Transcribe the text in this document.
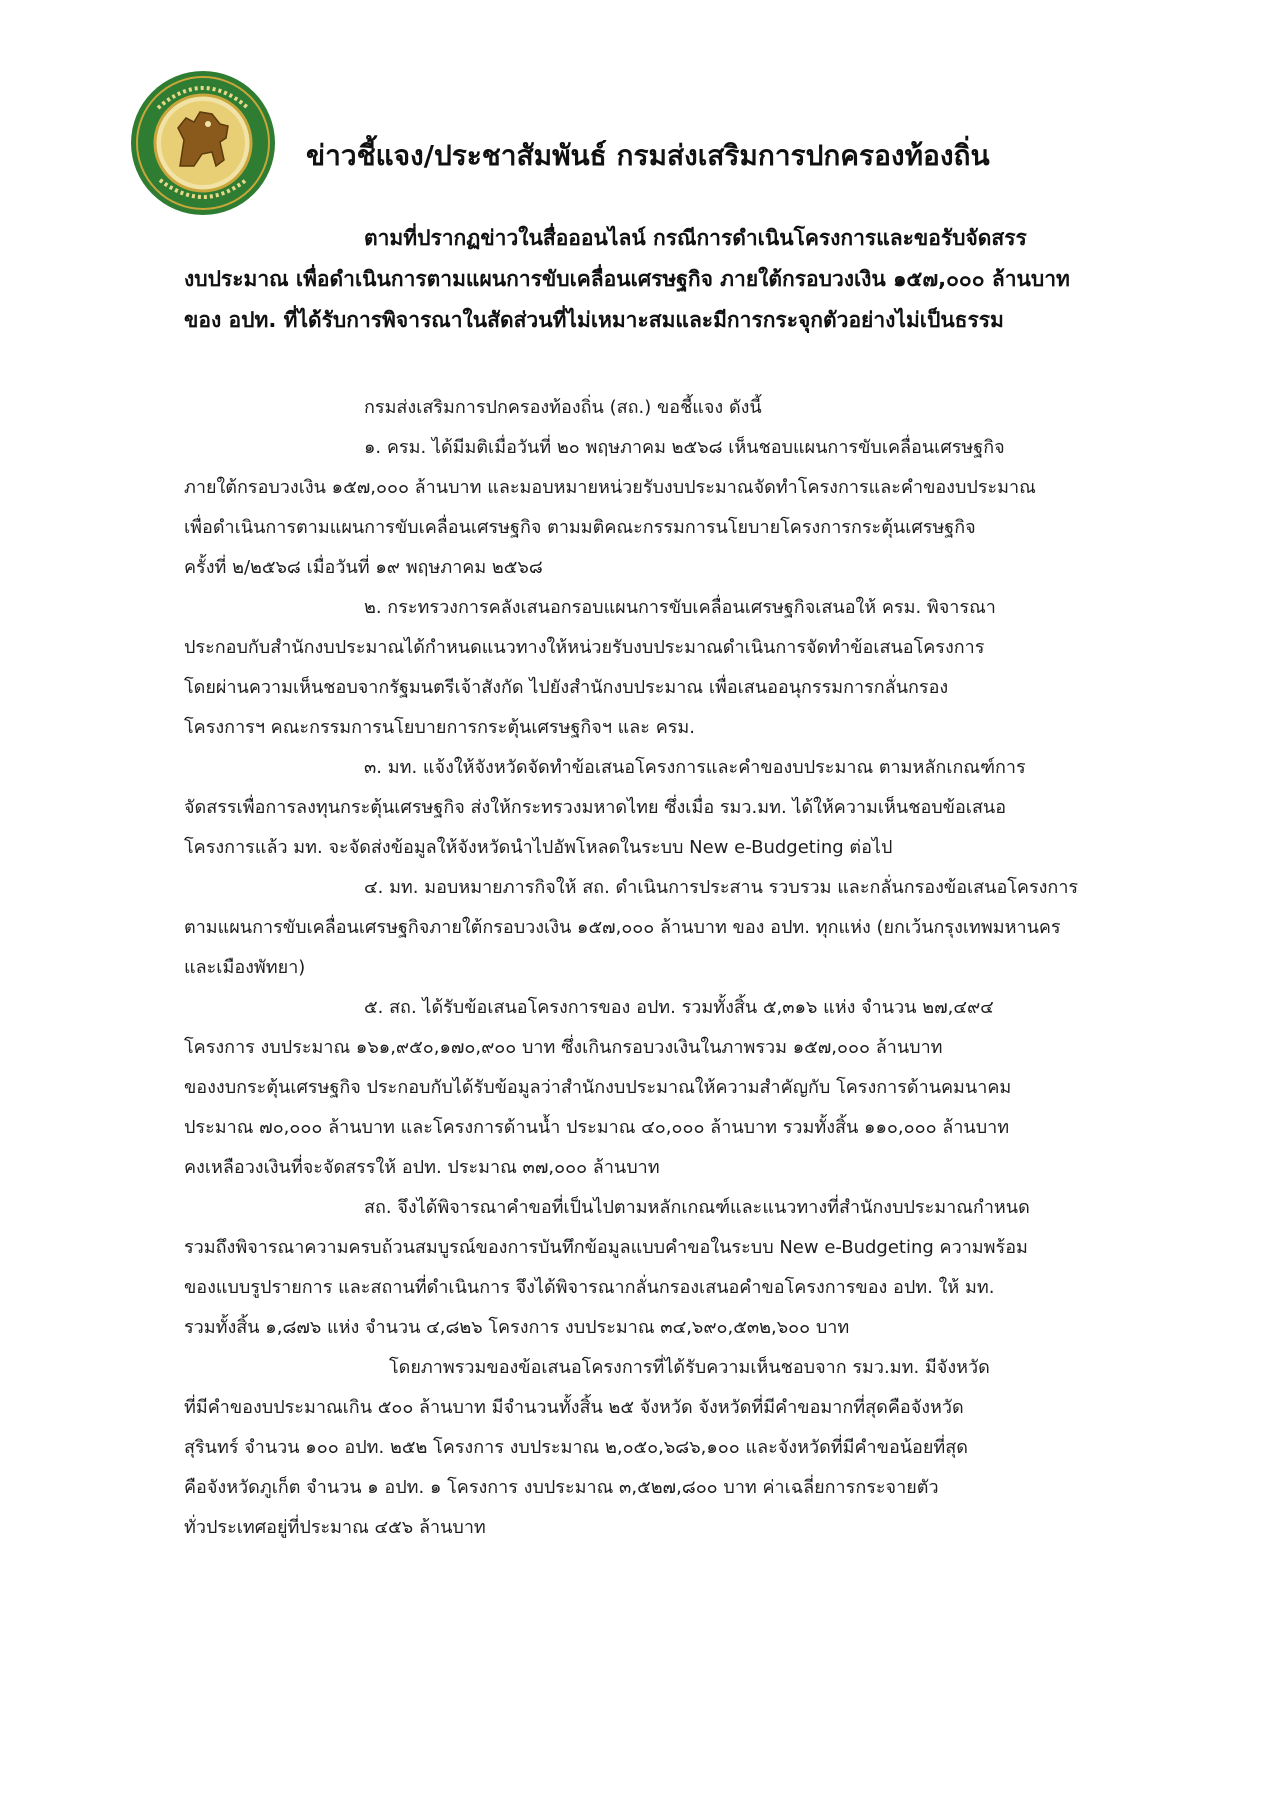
ข่าวชี้แจง/ประชาสัมพันธ์ กรมส่งเสริมการปกครองท้องถิ่น
ตามที่ปรากฏข่าวในสื่อออนไลน์ กรณีการดำเนินโครงการและขอรับจัดสรร
งบประมาณ เพื่อดำเนินการตามแผนการขับเคลื่อนเศรษฐกิจ ภายใต้กรอบวงเงิน ๑๕๗,๐๐๐ ล้านบาท
ของ อปท. ที่ได้รับการพิจารณาในสัดส่วนที่ไม่เหมาะสมและมีการกระจุกตัวอย่างไม่เป็นธรรม
กรมส่งเสริมการปกครองท้องถิ่น (สถ.) ขอชี้แจง ดังนี้
๑. ครม. ได้มีมติเมื่อวันที่ ๒๐ พฤษภาคม ๒๕๖๘ เห็นชอบแผนการขับเคลื่อนเศรษฐกิจ
ภายใต้กรอบวงเงิน ๑๕๗,๐๐๐ ล้านบาท และมอบหมายหน่วยรับงบประมาณจัดทำโครงการและคำของบประมาณ
เพื่อดำเนินการตามแผนการขับเคลื่อนเศรษฐกิจ ตามมติคณะกรรมการนโยบายโครงการกระตุ้นเศรษฐกิจ
ครั้งที่ ๒/๒๕๖๘ เมื่อวันที่ ๑๙ พฤษภาคม ๒๕๖๘
๒. กระทรวงการคลังเสนอกรอบแผนการขับเคลื่อนเศรษฐกิจเสนอให้ ครม. พิจารณา
ประกอบกับสำนักงบประมาณได้กำหนดแนวทางให้หน่วยรับงบประมาณดำเนินการจัดทำข้อเสนอโครงการ
โดยผ่านความเห็นชอบจากรัฐมนตรีเจ้าสังกัด ไปยังสำนักงบประมาณ เพื่อเสนออนุกรรมการกลั่นกรอง
โครงการฯ คณะกรรมการนโยบายการกระตุ้นเศรษฐกิจฯ และ ครม.
๓. มท. แจ้งให้จังหวัดจัดทำข้อเสนอโครงการและคำของบประมาณ ตามหลักเกณฑ์การ
จัดสรรเพื่อการลงทุนกระตุ้นเศรษฐกิจ ส่งให้กระทรวงมหาดไทย ซึ่งเมื่อ รมว.มท. ได้ให้ความเห็นชอบข้อเสนอ
โครงการแล้ว มท. จะจัดส่งข้อมูลให้จังหวัดนำไปอัพโหลดในระบบ New e-Budgeting ต่อไป
๔. มท. มอบหมายภารกิจให้ สถ. ดำเนินการประสาน รวบรวม และกลั่นกรองข้อเสนอโครงการ
ตามแผนการขับเคลื่อนเศรษฐกิจภายใต้กรอบวงเงิน ๑๕๗,๐๐๐ ล้านบาท ของ อปท. ทุกแห่ง (ยกเว้นกรุงเทพมหานคร
และเมืองพัทยา)
๕. สถ. ได้รับข้อเสนอโครงการของ อปท. รวมทั้งสิ้น ๕,๓๑๖ แห่ง จำนวน ๒๗,๔๙๔
โครงการ งบประมาณ ๑๖๑,๙๕๐,๑๗๐,๙๐๐ บาท ซึ่งเกินกรอบวงเงินในภาพรวม ๑๕๗,๐๐๐ ล้านบาท
ของงบกระตุ้นเศรษฐกิจ ประกอบกับได้รับข้อมูลว่าสำนักงบประมาณให้ความสำคัญกับ โครงการด้านคมนาคม
ประมาณ ๗๐,๐๐๐ ล้านบาท และโครงการด้านน้ำ ประมาณ ๔๐,๐๐๐ ล้านบาท รวมทั้งสิ้น ๑๑๐,๐๐๐ ล้านบาท
คงเหลือวงเงินที่จะจัดสรรให้ อปท. ประมาณ ๓๗,๐๐๐ ล้านบาท
สถ. จึงได้พิจารณาคำขอที่เป็นไปตามหลักเกณฑ์และแนวทางที่สำนักงบประมาณกำหนด
รวมถึงพิจารณาความครบถ้วนสมบูรณ์ของการบันทึกข้อมูลแบบคำขอในระบบ New e-Budgeting ความพร้อม
ของแบบรูปรายการ และสถานที่ดำเนินการ จึงได้พิจารณากลั่นกรองเสนอคำขอโครงการของ อปท. ให้ มท.
รวมทั้งสิ้น ๑,๘๗๖ แห่ง จำนวน ๔,๘๒๖ โครงการ งบประมาณ ๓๔,๖๙๐,๕๓๒,๖๐๐ บาท
โดยภาพรวมของข้อเสนอโครงการที่ได้รับความเห็นชอบจาก รมว.มท. มีจังหวัด
ที่มีคำของบประมาณเกิน ๕๐๐ ล้านบาท มีจำนวนทั้งสิ้น ๒๕ จังหวัด จังหวัดที่มีคำขอมากที่สุดคือจังหวัด
สุรินทร์ จำนวน ๑๐๐ อปท. ๒๕๒ โครงการ งบประมาณ ๒,๐๕๐,๖๘๖,๑๐๐ และจังหวัดที่มีคำขอน้อยที่สุด
คือจังหวัดภูเก็ต จำนวน ๑ อปท. ๑ โครงการ งบประมาณ ๓,๕๒๗,๘๐๐ บาท ค่าเฉลี่ยการกระจายตัว
ทั่วประเทศอยู่ที่ประมาณ ๔๕๖ ล้านบาท
